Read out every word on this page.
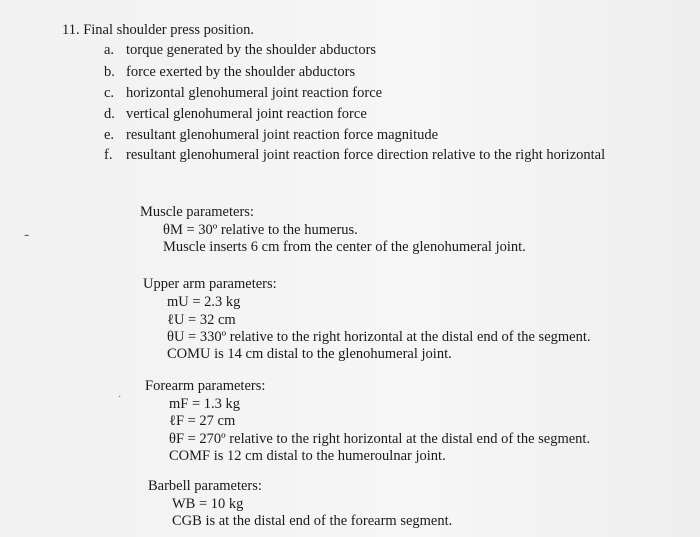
11. Final shoulder press position.
a. torque generated by the shoulder abductors
b. force exerted by the shoulder abductors
c. horizontal glenohumeral joint reaction force
d. vertical glenohumeral joint reaction force
e. resultant glenohumeral joint reaction force magnitude
f. resultant glenohumeral joint reaction force direction relative to the right horizontal
Muscle parameters:
θM = 30º relative to the humerus.
Muscle inserts 6 cm from the center of the glenohumeral joint.
Upper arm parameters:
mU = 2.3 kg
ℓU = 32 cm
θU = 330º relative to the right horizontal at the distal end of the segment.
COMU is 14 cm distal to the glenohumeral joint.
Forearm parameters:
mF = 1.3 kg
ℓF = 27 cm
θF = 270º relative to the right horizontal at the distal end of the segment.
COMF is 12 cm distal to the humeroulnar joint.
Barbell parameters:
WB = 10 kg
CGB is at the distal end of the forearm segment.
-
·
